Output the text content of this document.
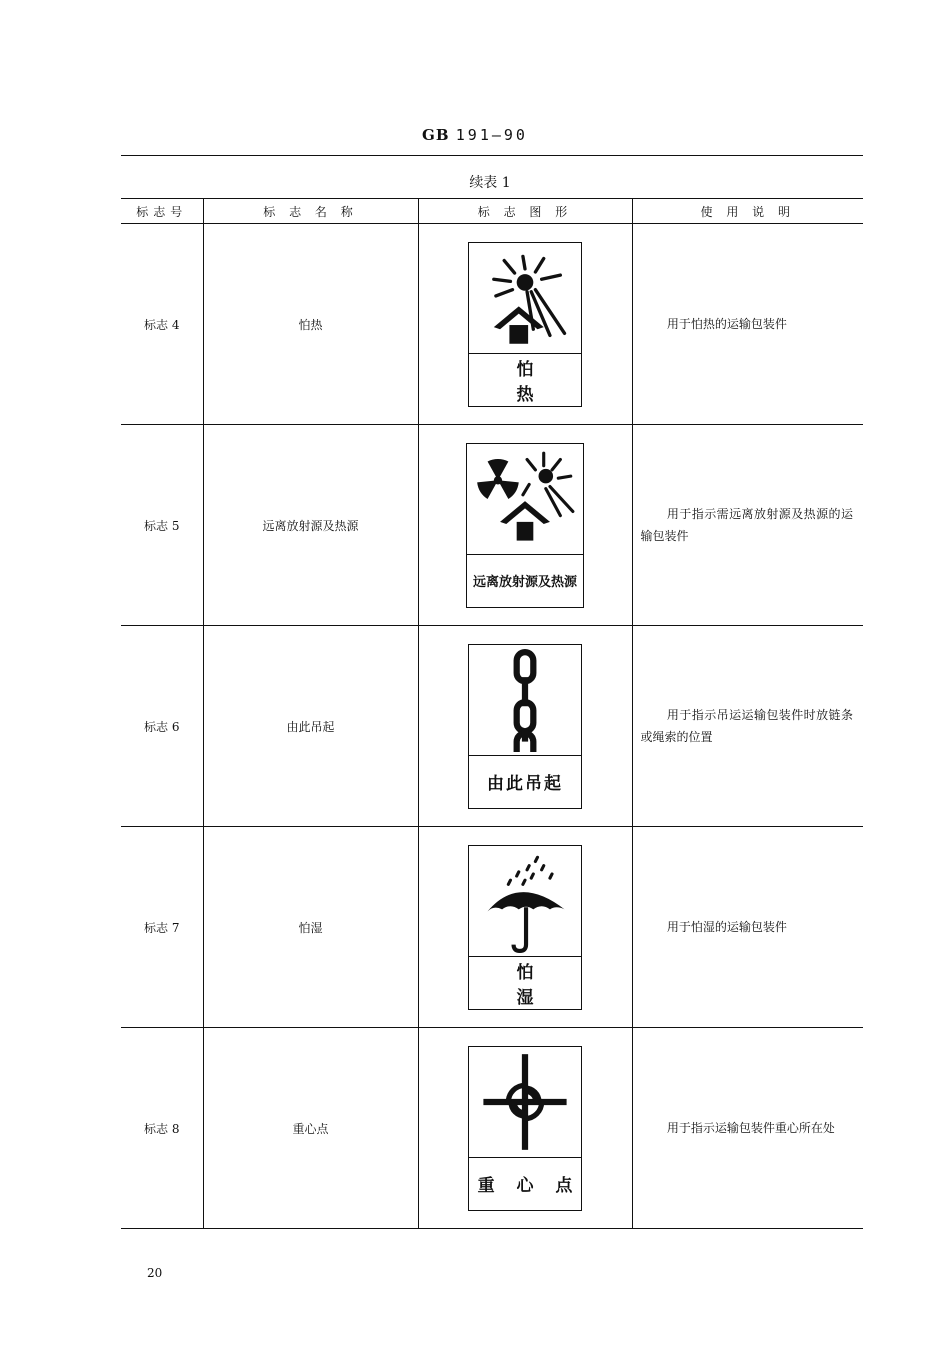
GB 191—90
续表 1
标志号	标 志 名 称	标 志 图 形	使 用 说 明
标志 4	怕热	怕 热	用于怕热的运输包装件

标志 5	远离放射源及热源	远离放射源及热源	用于指示需远离放射源及热源的运输包装件

标志 6	由此吊起	由此吊起	用于指示吊运运输包装件时放链条或绳索的位置

标志 7	怕湿	怕 湿	用于怕湿的运输包装件

标志 8	重心点	重 心 点	用于指示运输包装件重心所在处
20
